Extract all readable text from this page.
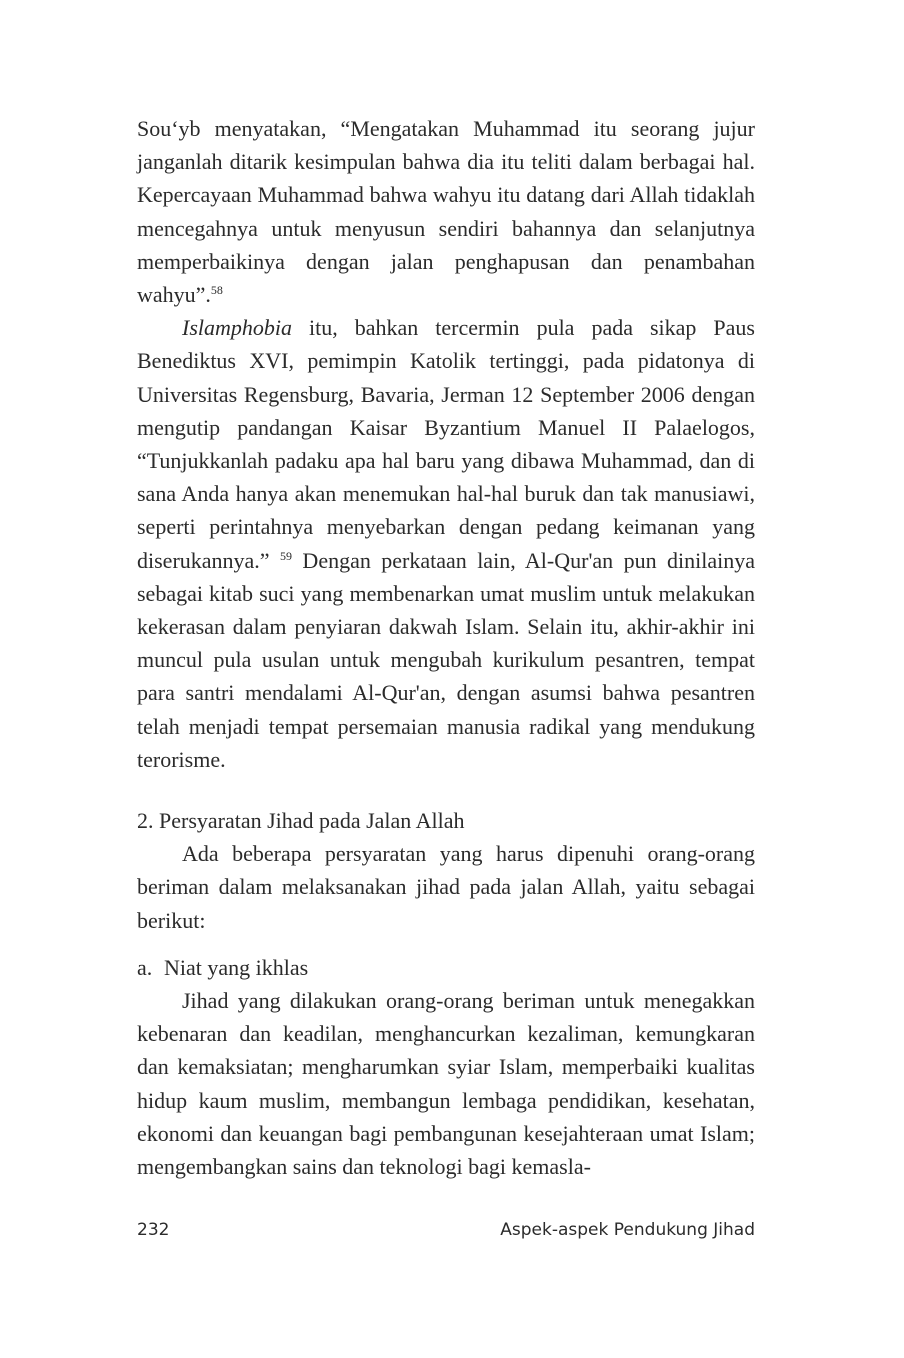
Sou‘yb menyatakan, “Mengatakan Muhammad itu seorang jujur janganlah ditarik kesimpulan bahwa dia itu teliti dalam berbagai hal. Kepercayaan Muhammad bahwa wahyu itu datang dari Allah tidaklah mencegahnya untuk menyusun sendiri bahannya dan selanjutnya memperbaikinya dengan jalan penghapusan dan penambahan wahyu”.$^{58}$

Islamphobia itu, bahkan tercermin pula pada sikap Paus Benediktus XVI, pemimpin Katolik tertinggi, pada pidatonya di Universitas Regensburg, Bavaria, Jerman 12 September 2006 dengan mengutip pandangan Kaisar Byzantium Manuel II Palaelogos, “Tunjukkanlah padaku apa hal baru yang dibawa Muhammad, dan di sana Anda hanya akan menemukan hal-hal buruk dan tak manusiawi, seperti perintahnya menyebarkan dengan pedang keimanan yang diserukannya.” $^{59}$ Dengan perkataan lain, Al-Qur'an pun dinilainya sebagai kitab suci yang membenarkan umat muslim untuk melakukan kekerasan dalam penyiaran dakwah Islam. Selain itu, akhir-akhir ini muncul pula usulan untuk mengubah kurikulum pesantren, tempat para santri mendalami Al-Qur'an, dengan asumsi bahwa pesantren telah menjadi tempat persemaian manusia radikal yang mendukung terorisme.

2. Persyaratan Jihad pada Jalan Allah

Ada beberapa persyaratan yang harus dipenuhi orang-orang beriman dalam melaksanakan jihad pada jalan Allah, yaitu sebagai berikut:

a. Niat yang ikhlas

Jihad yang dilakukan orang-orang beriman untuk menegakkan kebenaran dan keadilan, menghancurkan kezaliman, kemungkaran dan kemaksiatan; mengharumkan syiar Islam, memperbaiki kualitas hidup kaum muslim, membangun lembaga pendidikan, kesehatan, ekonomi dan keuangan bagi pembangunan kesejahteraan umat Islam; mengembangkan sains dan teknologi bagi kemasla-

232	Aspek-aspek Pendukung Jihad
